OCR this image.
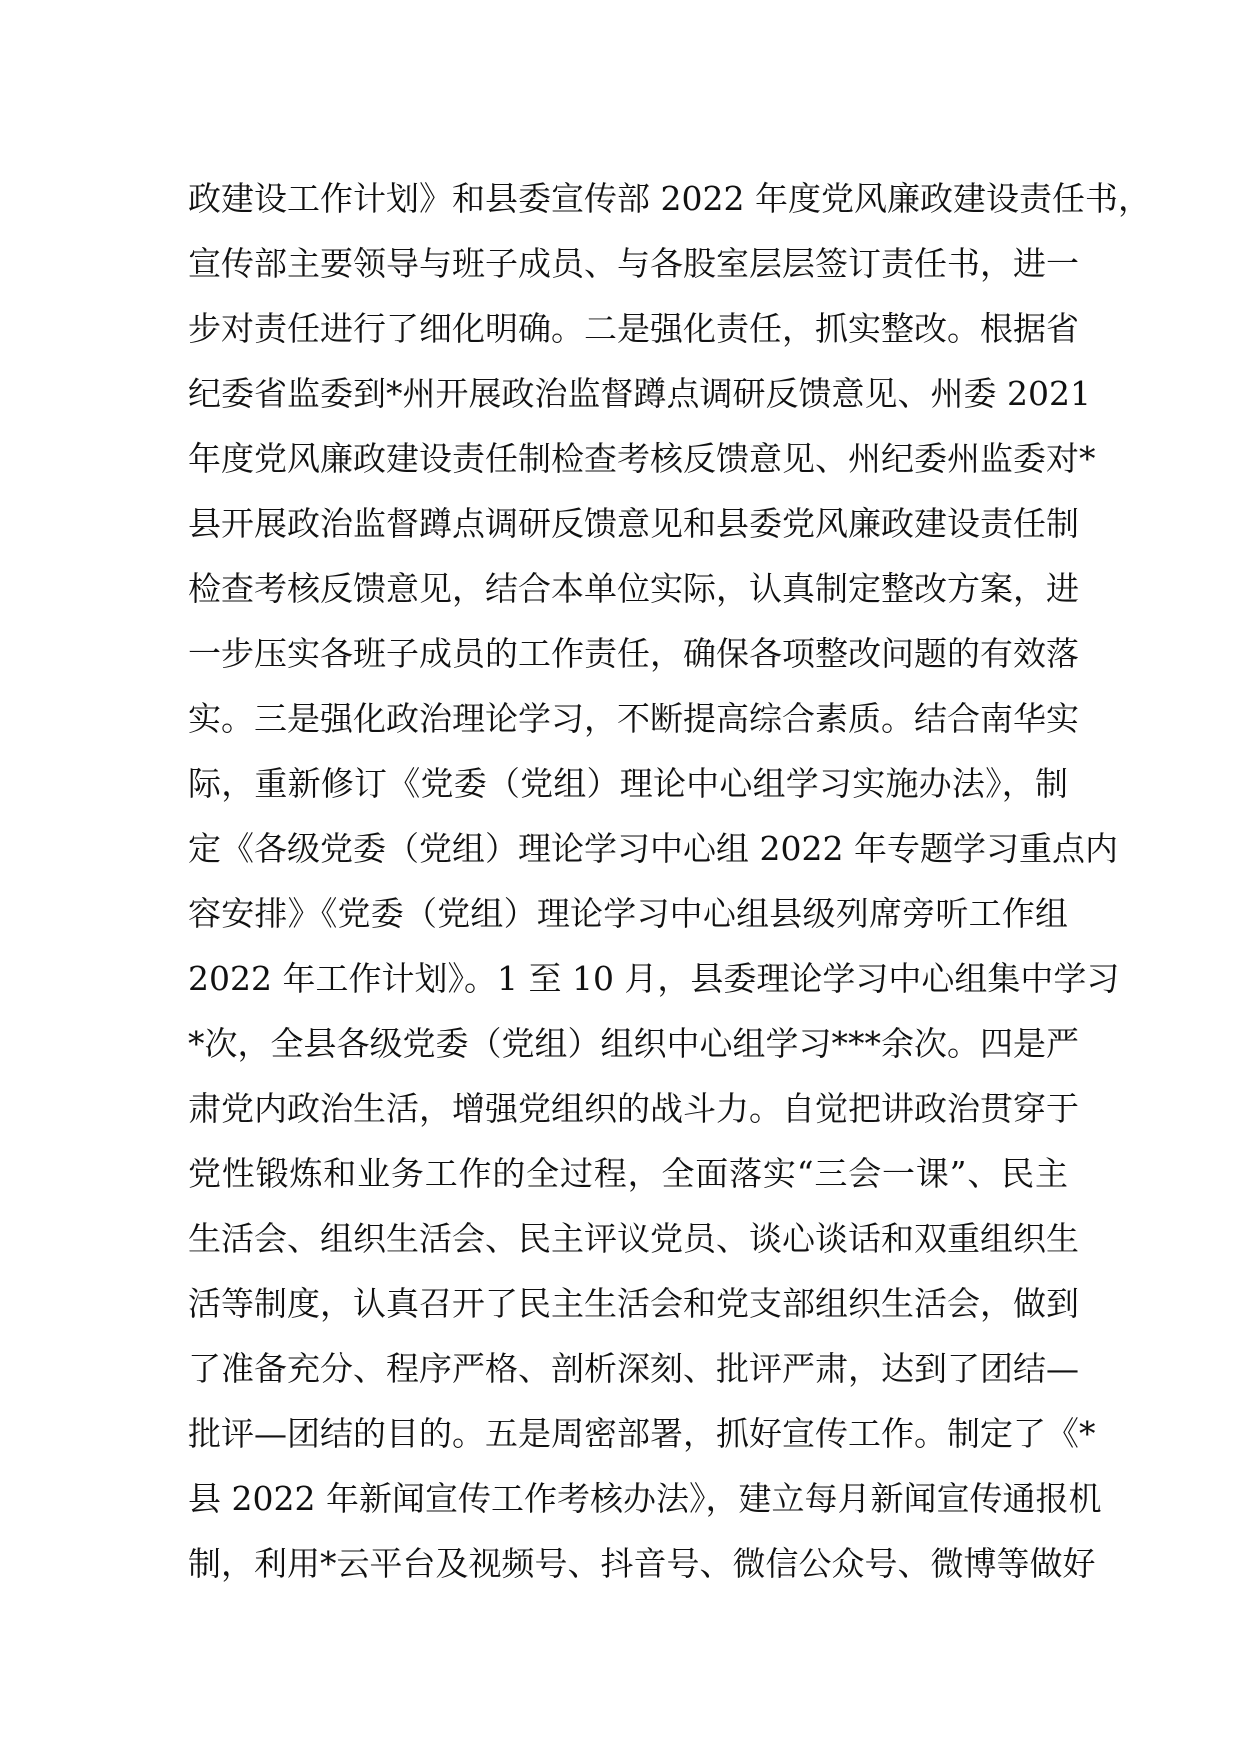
政建设工作计划》和县委宣传部 2022 年度党风廉政建设责任书，
宣传部主要领导与班子成员、与各股室层层签订责任书，进一
步对责任进行了细化明确。二是强化责任，抓实整改。根据省
纪委省监委到*州开展政治监督蹲点调研反馈意见、州委 2021
年度党风廉政建设责任制检查考核反馈意见、州纪委州监委对*
县开展政治监督蹲点调研反馈意见和县委党风廉政建设责任制
检查考核反馈意见，结合本单位实际，认真制定整改方案，进
一步压实各班子成员的工作责任，确保各项整改问题的有效落
实。三是强化政治理论学习，不断提高综合素质。结合南华实
际，重新修订《党委（党组）理论中心组学习实施办法》，制
定《各级党委（党组）理论学习中心组 2022 年专题学习重点内
容安排》《党委（党组）理论学习中心组县级列席旁听工作组
2022 年工作计划》。1 至 10 月，县委理论学习中心组集中学习
*次，全县各级党委（党组）组织中心组学习***余次。四是严
肃党内政治生活，增强党组织的战斗力。自觉把讲政治贯穿于
党性锻炼和业务工作的全过程，全面落实“三会一课”、民主
生活会、组织生活会、民主评议党员、谈心谈话和双重组织生
活等制度，认真召开了民主生活会和党支部组织生活会，做到
了准备充分、程序严格、剖析深刻、批评严肃，达到了团结—
批评—团结的目的。五是周密部署，抓好宣传工作。制定了《*
县 2022 年新闻宣传工作考核办法》，建立每月新闻宣传通报机
制，利用*云平台及视频号、抖音号、微信公众号、微博等做好
